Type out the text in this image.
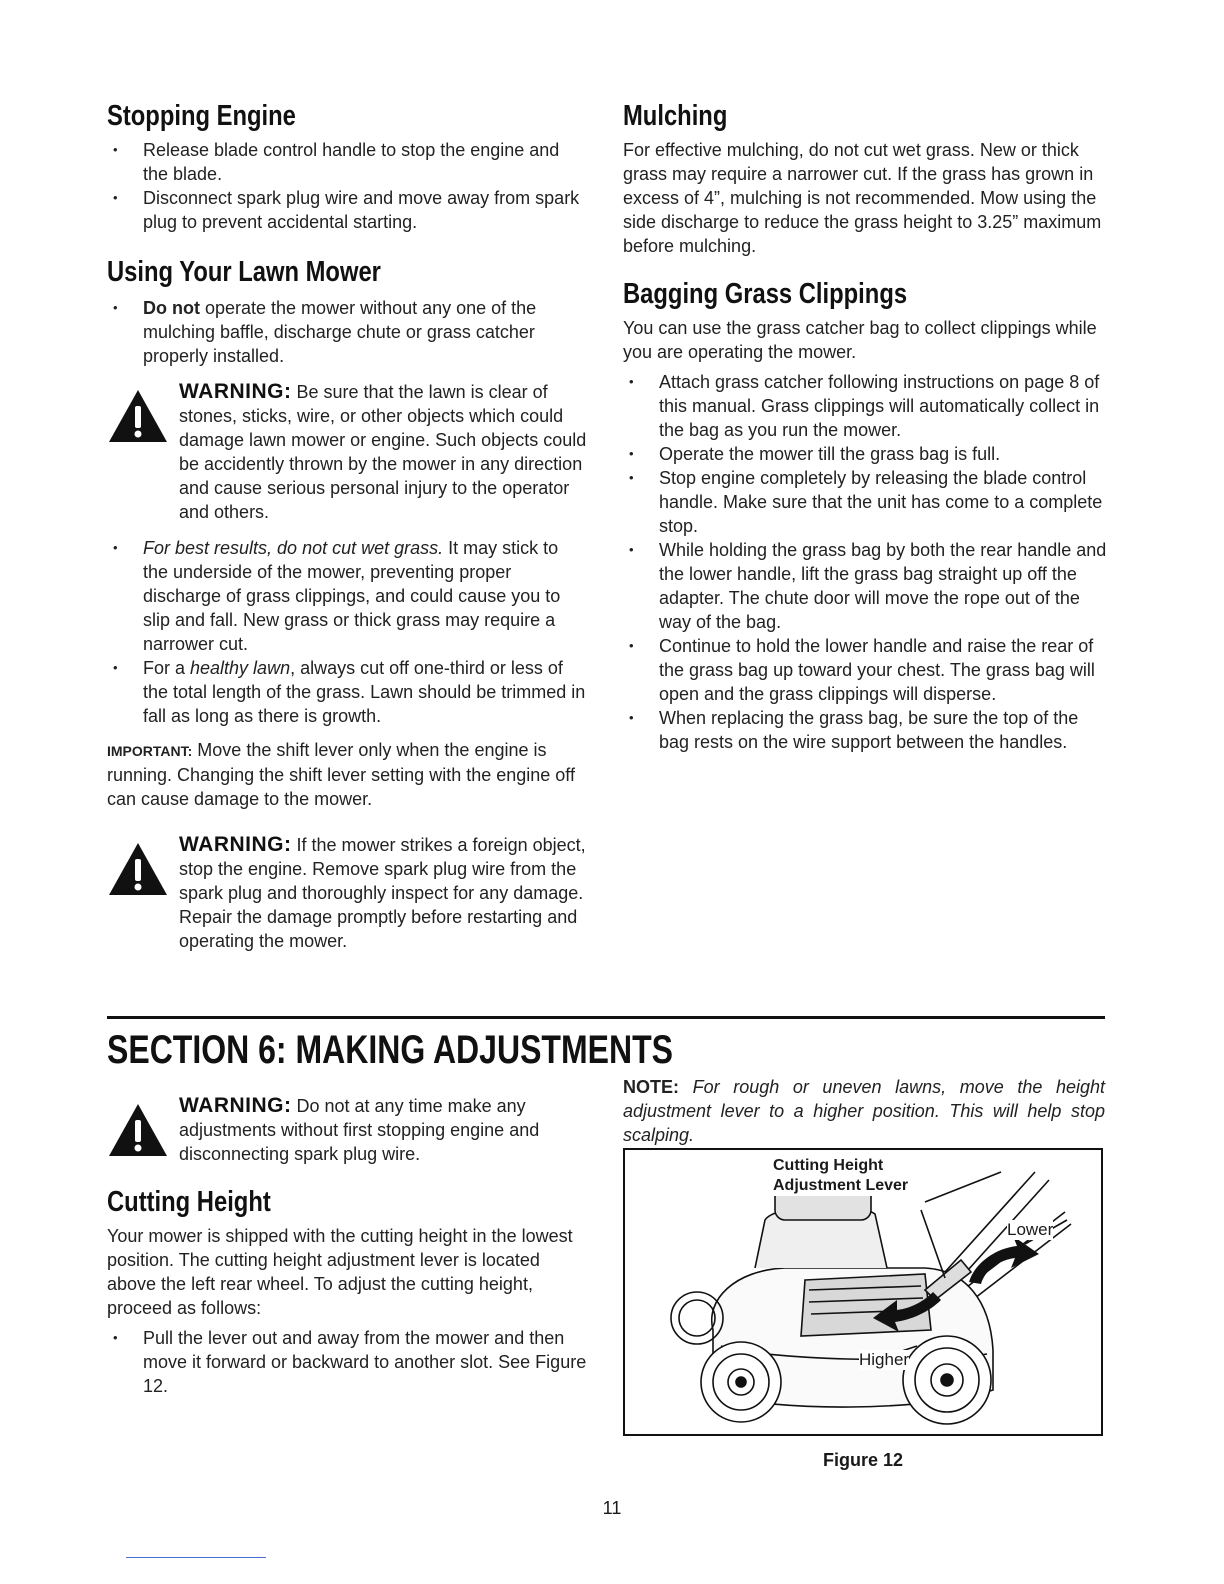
Stopping Engine
• Release blade control handle to stop the engine and the blade.
• Disconnect spark plug wire and move away from spark plug to prevent accidental starting.
Using Your Lawn Mower
• Do not operate the mower without any one of the mulching baffle, discharge chute or grass catcher properly installed.

WARNING: Be sure that the lawn is clear of stones, sticks, wire, or other objects which could damage lawn mower or engine. Such objects could be accidently thrown by the mower in any direction and cause serious personal injury to the operator and others.

• For best results, do not cut wet grass. It may stick to the underside of the mower, preventing proper discharge of grass clippings, and could cause you to slip and fall. New grass or thick grass may require a narrower cut.
• For a healthy lawn, always cut off one-third or less of the total length of the grass. Lawn should be trimmed in fall as long as there is growth.

IMPORTANT: Move the shift lever only when the engine is running. Changing the shift lever setting with the engine off can cause damage to the mower.

WARNING: If the mower strikes a foreign object, stop the engine. Remove spark plug wire from the spark plug and thoroughly inspect for any damage. Repair the damage promptly before restarting and operating the mower.

Mulching

For effective mulching, do not cut wet grass. New or thick grass may require a narrower cut. If the grass has grown in excess of 4”, mulching is not recommended. Mow using the side discharge to reduce the grass height to 3.25” maximum before mulching.

Bagging Grass Clippings

You can use the grass catcher bag to collect clippings while you are operating the mower.

• Attach grass catcher following instructions on page 8 of this manual. Grass clippings will automatically collect in the bag as you run the mower.
• Operate the mower till the grass bag is full.
• Stop engine completely by releasing the blade control handle. Make sure that the unit has come to a complete stop.
• While holding the grass bag by both the rear handle and the lower handle, lift the grass bag straight up off the adapter. The chute door will move the rope out of the way of the bag.
• Continue to hold the lower handle and raise the rear of the grass bag up toward your chest. The grass bag will open and the grass clippings will disperse.
• When replacing the grass bag, be sure the top of the bag rests on the wire support between the handles.
SECTION 6: MAKING ADJUSTMENTS

WARNING: Do not at any time make any adjustments without first stopping engine and disconnecting spark plug wire.

Cutting Height

Your mower is shipped with the cutting height in the lowest position. The cutting height adjustment lever is located above the left rear wheel. To adjust the cutting height, proceed as follows:

• Pull the lever out and away from the mower and then move it forward or backward to another slot. See Figure 12.

NOTE: For rough or uneven lawns, move the height adjustment lever to a higher position. This will help stop scalping.

Cutting Height
Adjustment Lever
Lower
Higher
Figure 12
11
